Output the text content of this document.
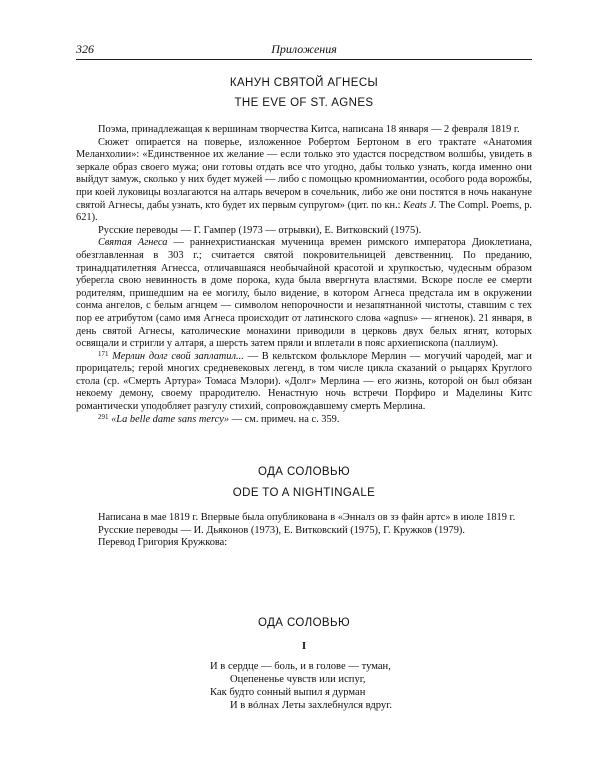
326	Приложения
КАНУН СВЯТОЙ АГНЕСЫ
THE EVE OF ST. AGNES

Поэма, принадлежащая к вершинам творчества Китса, написана 18 января — 2 февраля 1819 г.

Сюжет опирается на поверье, изложенное Робертом Бертоном в его трактате «Анатомия Меланхолии»: «Единственное их желание — если только это удастся посредством волшбы, увидеть в зеркале образ своего мужа; они готовы отдать все что угодно, дабы только узнать, когда именно они выйдут замуж, сколько у них будет мужей — либо с помощью кромниомантии, особого рода ворожбы, при коей луковицы возлагаются на алтарь вечером в сочельник, либо же они постятся в ночь накануне святой Агнесы, дабы узнать, кто будет их первым супругом» (цит. по кн.: Keats J. The Compl. Poems, p. 621).

Русские переводы — Г. Гампер (1973 — отрывки), Е. Витковский (1975).

Святая Агнеса — раннехристианская мученица времен римского императора Диоклетиана, обезглавленная в 303 г.; считается святой покровительницей девственниц. По преданию, тринадцатилетняя Агнесса, отличавшаяся необычайной красотой и хрупкостью, чудесным образом уберегла свою невинность в доме порока, куда была ввергнута властями. Вскоре после ее смерти родителям, пришедшим на ее могилу, было видение, в котором Агнеса предстала им в окружении сонма ангелов, с белым агнцем — символом непорочности и незапятнанной чистоты, ставшим с тех пор ее атрибутом (само имя Агнеса происходит от латинского слова «agnus» — ягненок). 21 января, в день святой Агнесы, католические монахини приводили в церковь двух белых ягнят, которых освящали и стригли у алтаря, а шерсть затем пряли и вплетали в пояс архиепископа (паллиум).

$^{171}$ Мерлин долг свой заплатил... — В кельтском фольклоре Мерлин — могучий чародей, маг и прорицатель; герой многих средневековых легенд, в том числе цикла сказаний о рыцарях Круглого стола (ср. «Смерть Артура» Томаса Мэлори). «Долг» Мерлина — его жизнь, которой он был обязан некоему демону, своему прародителю. Ненастную ночь встречи Порфиро и Маделины Китс романтически уподобляет разгулу стихий, сопровождавшему смерть Мерлина.

$^{291}$ «La belle dame sans mercy» — см. примеч. на с. 359.

ОДА СОЛОВЬЮ
ODE TO A NIGHTINGALE

Написана в мае 1819 г. Впервые была опубликована в «Энналз ов зэ файн артс» в июле 1819 г.

Русские переводы — И. Дьяконов (1973), Е. Витковский (1975), Г. Кружков (1979).

Перевод Григория Кружкова:

ОДА СОЛОВЬЮ
I
И в сердце — боль, и в голове — туман,
Оцепененье чувств или испуг,
Как будто сонный выпил я дурман
И в вóлнах Леты захлебнулся вдруг.
